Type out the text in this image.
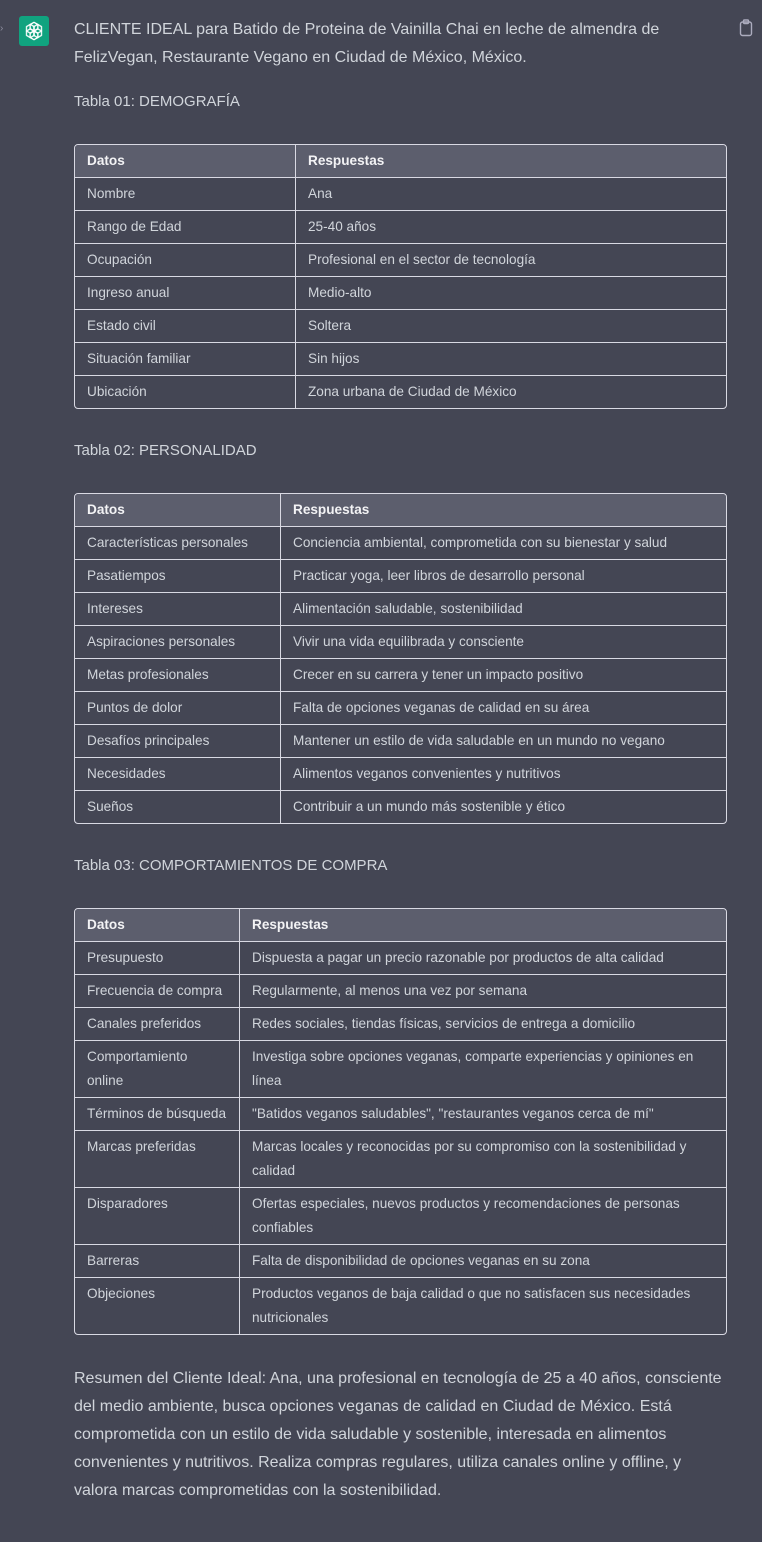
›	CLIENTE IDEAL para Batido de Proteina de Vainilla Chai en leche de almendra de FelizVegan, Restaurante Vegano en Ciudad de México, México.

Tabla 01: DEMOGRAFÍA

Datos	Respuestas
Nombre	Ana
Rango de Edad	25-40 años
Ocupación	Profesional en el sector de tecnología
Ingreso anual	Medio-alto
Estado civil	Soltera
Situación familiar	Sin hijos
Ubicación	Zona urbana de Ciudad de México

Tabla 02: PERSONALIDAD

Datos	Respuestas
Características personales	Conciencia ambiental, comprometida con su bienestar y salud
Pasatiempos	Practicar yoga, leer libros de desarrollo personal
Intereses	Alimentación saludable, sostenibilidad
Aspiraciones personales	Vivir una vida equilibrada y consciente
Metas profesionales	Crecer en su carrera y tener un impacto positivo
Puntos de dolor	Falta de opciones veganas de calidad en su área
Desafíos principales	Mantener un estilo de vida saludable en un mundo no vegano
Necesidades	Alimentos veganos convenientes y nutritivos
Sueños	Contribuir a un mundo más sostenible y ético

Tabla 03: COMPORTAMIENTOS DE COMPRA

Datos	Respuestas
Presupuesto	Dispuesta a pagar un precio razonable por productos de alta calidad
Frecuencia de compra	Regularmente, al menos una vez por semana
Canales preferidos	Redes sociales, tiendas físicas, servicios de entrega a domicilio
Comportamiento online	Investiga sobre opciones veganas, comparte experiencias y opiniones en línea
Términos de búsqueda	"Batidos veganos saludables", "restaurantes veganos cerca de mí"
Marcas preferidas	Marcas locales y reconocidas por su compromiso con la sostenibilidad y calidad
Disparadores	Ofertas especiales, nuevos productos y recomendaciones de personas confiables
Barreras	Falta de disponibilidad de opciones veganas en su zona
Objeciones	Productos veganos de baja calidad o que no satisfacen sus necesidades nutricionales

Resumen del Cliente Ideal: Ana, una profesional en tecnología de 25 a 40 años, consciente del medio ambiente, busca opciones veganas de calidad en Ciudad de México. Está comprometida con un estilo de vida saludable y sostenible, interesada en alimentos convenientes y nutritivos. Realiza compras regulares, utiliza canales online y offline, y valora marcas comprometidas con la sostenibilidad.
